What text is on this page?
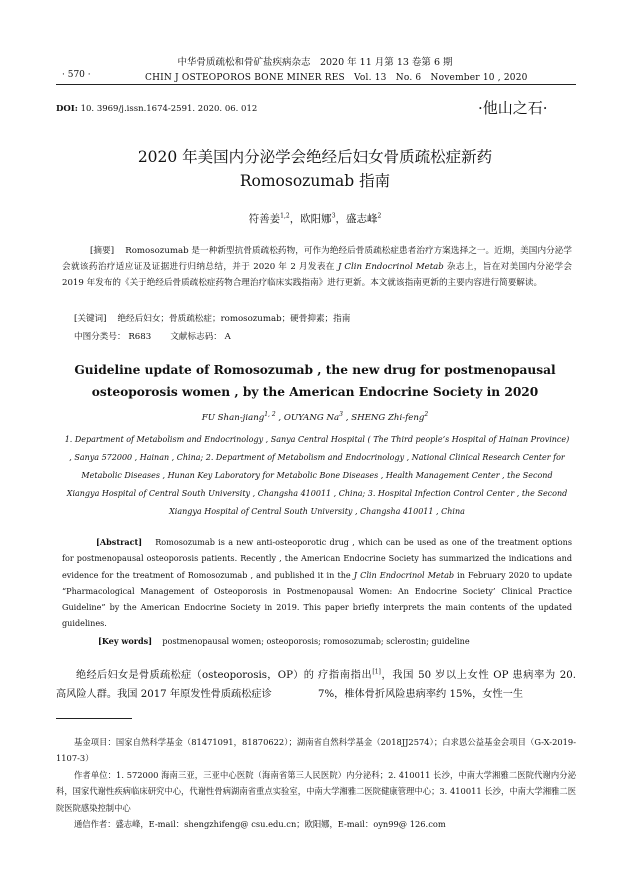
中华骨质疏松和骨矿盐疾病杂志　2020 年 11 月第 13 卷第 6 期
· 570 ·	CHIN J OSTEOPOROS BONE MINER RES　Vol. 13　No. 6　November 10 , 2020
DOI: 10. 3969/j.issn.1674-2591. 2020. 06. 012	·他山之石·
2020 年美国内分泌学会绝经后妇女骨质疏松症新药
Romosozumab 指南
符善姜$^{1,2}$，欧阳娜$^3$，盛志峰$^2$
[摘要] Romosozumab 是一种新型抗骨质疏松药物，可作为绝经后骨质疏松症患者治疗方案选择之一。近期，美国内分泌学会就该药治疗适应证及证据进行归纳总结，并于 2020 年 2 月发表在 J Clin Endocrinol Metab 杂志上，旨在对美国内分泌学会 2019 年发布的《关于绝经后骨质疏松症药物合理治疗临床实践指南》进行更新。本文就该指南更新的主要内容进行简要解读。
[关键词] 绝经后妇女；骨质疏松症；romosozumab；硬骨抑素；指南
中图分类号： R683 文献标志码： A
Guideline update of Romosozumab , the new drug for postmenopausal
osteoporosis women , by the American Endocrine Society in 2020
FU Shan-jiang$^{1, 2}$ , OUYANG Na$^3$ , SHENG Zhi-feng$^2$
1. Department of Metabolism and Endocrinology , Sanya Central Hospital ( The Third people’s Hospital of Hainan Province) , Sanya 572000 , Hainan , China; 2. Department of Metabolism and Endocrinology , National Clinical Research Center for Metabolic Diseases , Hunan Key Laboratory for Metabolic Bone Diseases , Health Management Center , the Second Xiangya Hospital of Central South University , Changsha 410011 , China; 3. Hospital Infection Control Center , the Second Xiangya Hospital of Central South University , Changsha 410011 , China
[Abstract] Romosozumab is a new anti-osteoporotic drug , which can be used as one of the treatment options for postmenopausal osteoporosis patients. Recently , the American Endocrine Society has summarized the indications and evidence for the treatment of Romosozumab , and published it in the J Clin Endocrinol Metab in February 2020 to update “Pharmacological Management of Osteoporosis in Postmenopausal Women: An Endocrine Society’ Clinical Practice Guideline” by the American Endocrine Society in 2019. This paper briefly interprets the main contents of the updated guidelines.
[Key words] postmenopausal women; osteoporosis; romosozumab; sclerostin; guideline
绝经后妇女是骨质疏松症（osteoporosis，OP）的高风险人群。我国 2017 年原发性骨质疏松症诊
疗指南指出[1]，我国 50 岁以上女性 OP 患病率为 20. 7%，椎体骨折风险患病率约 15%，女性一生
基金项目：国家自然科学基金（81471091，81870622）；湖南省自然科学基金（2018JJ2574）；白求恩公益基金会项目（G-X-2019-1107-3）
作者单位：1. 572000 海南三亚，三亚中心医院（海南省第三人民医院）内分泌科；2. 410011 长沙，中南大学湘雅二医院代谢内分泌科，国家代谢性疾病临床研究中心，代谢性骨病湖南省重点实验室，中南大学湘雅二医院健康管理中心；3. 410011 长沙，中南大学湘雅二医院医院感染控制中心
通信作者：盛志峰，E-mail：shengzhifeng@ csu.edu.cn；欧阳娜，E-mail：oyn99@ 126.com
